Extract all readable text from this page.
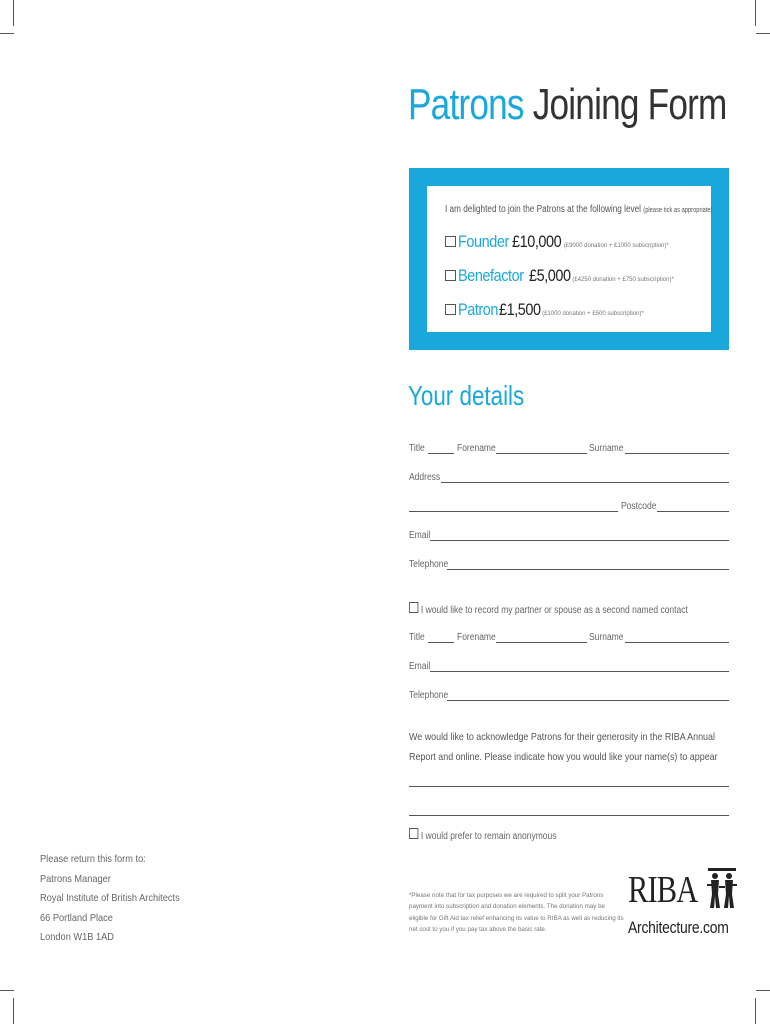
Patrons Joining Form

I am delighted to join the Patrons at the following level (please tick as appropriate)

Founder £10,000 (£9000 donation + £1000 subscription)*
Benefactor £5,000 (£4250 donation + £750 subscription)*
Patron £1,500 (£1000 donation + £500 subscription)*
Your details
Title	Forename	Surname
Address
Postcode
Email
Telephone
I would like to record my partner or spouse as a second named contact
Title	Forename	Surname
Email
Telephone

We would like to acknowledge Patrons for their generosity in the RIBA Annual Report and online. Please indicate how you would like your name(s) to appear

I would prefer to remain anonymous
Please return this form to:
Patrons Manager
Royal Institute of British Architects
66 Portland Place
London W1B 1AD

*Please note that for tax purposes we are required to split your Patrons payment into subscription and donation elements. The donation may be eligible for Gift Aid tax relief enhancing its value to RIBA as well as reducing its net cost to you if you pay tax above the basic rate.

RIBA
Architecture.com
